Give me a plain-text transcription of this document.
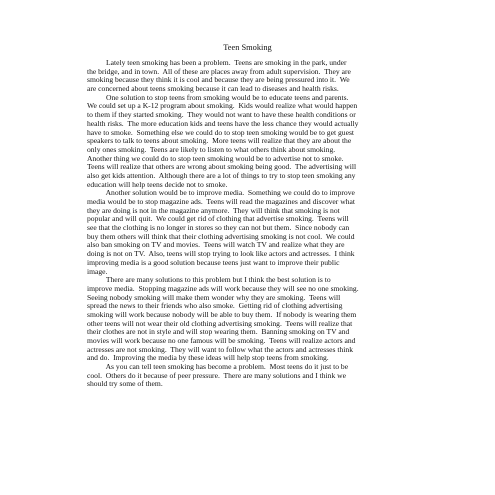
Teen Smoking
Lately teen smoking has been a problem.  Teens are smoking in the park, under
the bridge, and in town.  All of these are places away from adult supervision.  They are
smoking because they think it is cool and because they are being pressured into it.  We
are concerned about teens smoking because it can lead to diseases and health risks.
One solution to stop teens from smoking would be to educate teens and parents.
We could set up a K-12 program about smoking.  Kids would realize what would happen
to them if they started smoking.  They would not want to have these health conditions or
health risks.  The more education kids and teens have the less chance they would actually
have to smoke.  Something else we could do to stop teen smoking would be to get guest
speakers to talk to teens about smoking.  More teens will realize that they are about the
only ones smoking.  Teens are likely to listen to what others think about smoking.
Another thing we could do to stop teen smoking would be to advertise not to smoke.
Teens will realize that others are wrong about smoking being good.  The advertising will
also get kids attention.  Although there are a lot of things to try to stop teen smoking any
education will help teens decide not to smoke.
Another solution would be to improve media.  Something we could do to improve
media would be to stop magazine ads.  Teens will read the magazines and discover what
they are doing is not in the magazine anymore.  They will think that smoking is not
popular and will quit.  We could get rid of clothing that advertise smoking.  Teens will
see that the clothing is no longer in stores so they can not but them.  Since nobody can
buy them others will think that their clothing advertising smoking is not cool.  We could
also ban smoking on TV and movies.  Teens will watch TV and realize what they are
doing is not on TV.  Also, teens will stop trying to look like actors and actresses.  I think
improving media is a good solution because teens just want to improve their public
image.
There are many solutions to this problem but I think the best solution is to
improve media.  Stopping magazine ads will work because they will see no one smoking.
Seeing nobody smoking will make them wonder why they are smoking.  Teens will
spread the news to their friends who also smoke.  Getting rid of clothing advertising
smoking will work because nobody will be able to buy them.  If nobody is wearing them
other teens will not wear their old clothing advertising smoking.  Teens will realize that
their clothes are not in style and will stop wearing them.  Banning smoking on TV and
movies will work because no one famous will be smoking.  Teens will realize actors and
actresses are not smoking.  They will want to follow what the actors and actresses think
and do.  Improving the media by these ideas will help stop teens from smoking.
As you can tell teen smoking has become a problem.  Most teens do it just to be
cool.  Others do it because of peer pressure.  There are many solutions and I think we
should try some of them.
